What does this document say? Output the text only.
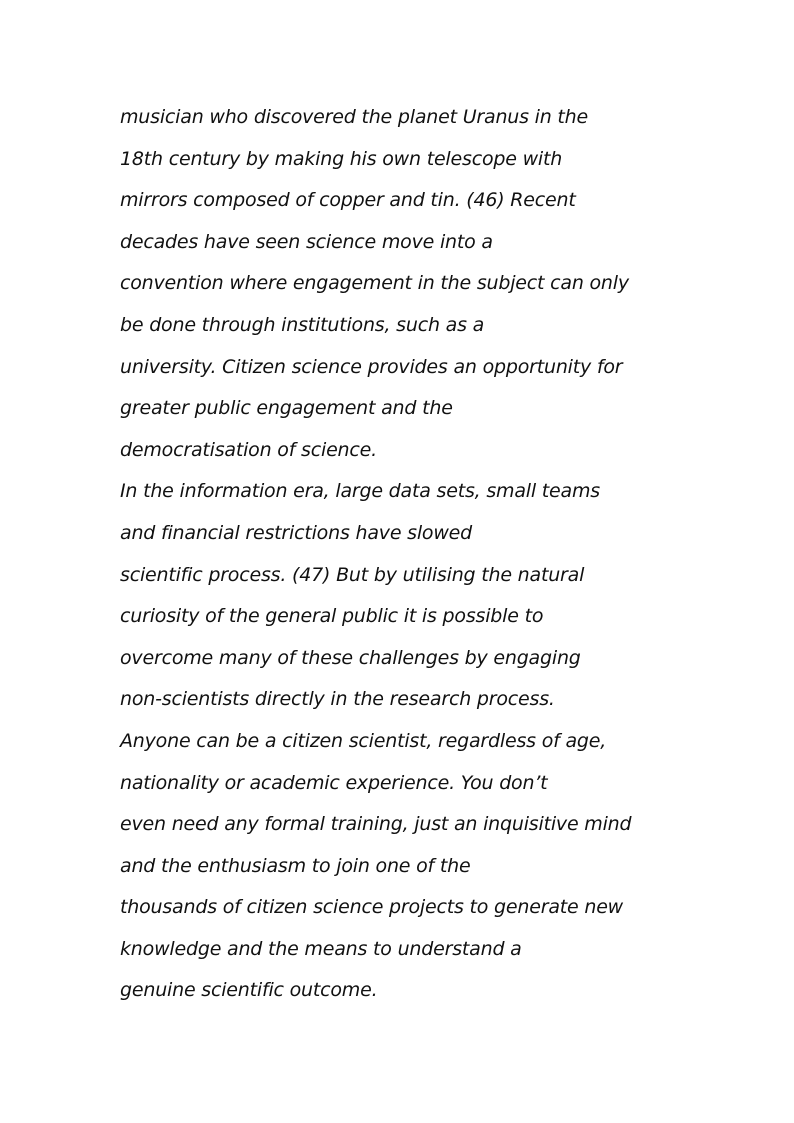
musician who discovered the planet Uranus in the
18th century by making his own telescope with
mirrors composed of copper and tin. (46) Recent
decades have seen science move into a
convention where engagement in the subject can only
be done through institutions, such as a
university. Citizen science provides an opportunity for
greater public engagement and the
democratisation of science.
In the information era, large data sets, small teams
and financial restrictions have slowed
scientific process. (47) But by utilising the natural
curiosity of the general public it is possible to
overcome many of these challenges by engaging
non-scientists directly in the research process.
Anyone can be a citizen scientist, regardless of age,
nationality or academic experience. You don’t
even need any formal training, just an inquisitive mind
and the enthusiasm to join one of the
thousands of citizen science projects to generate new
knowledge and the means to understand a
genuine scientific outcome.
